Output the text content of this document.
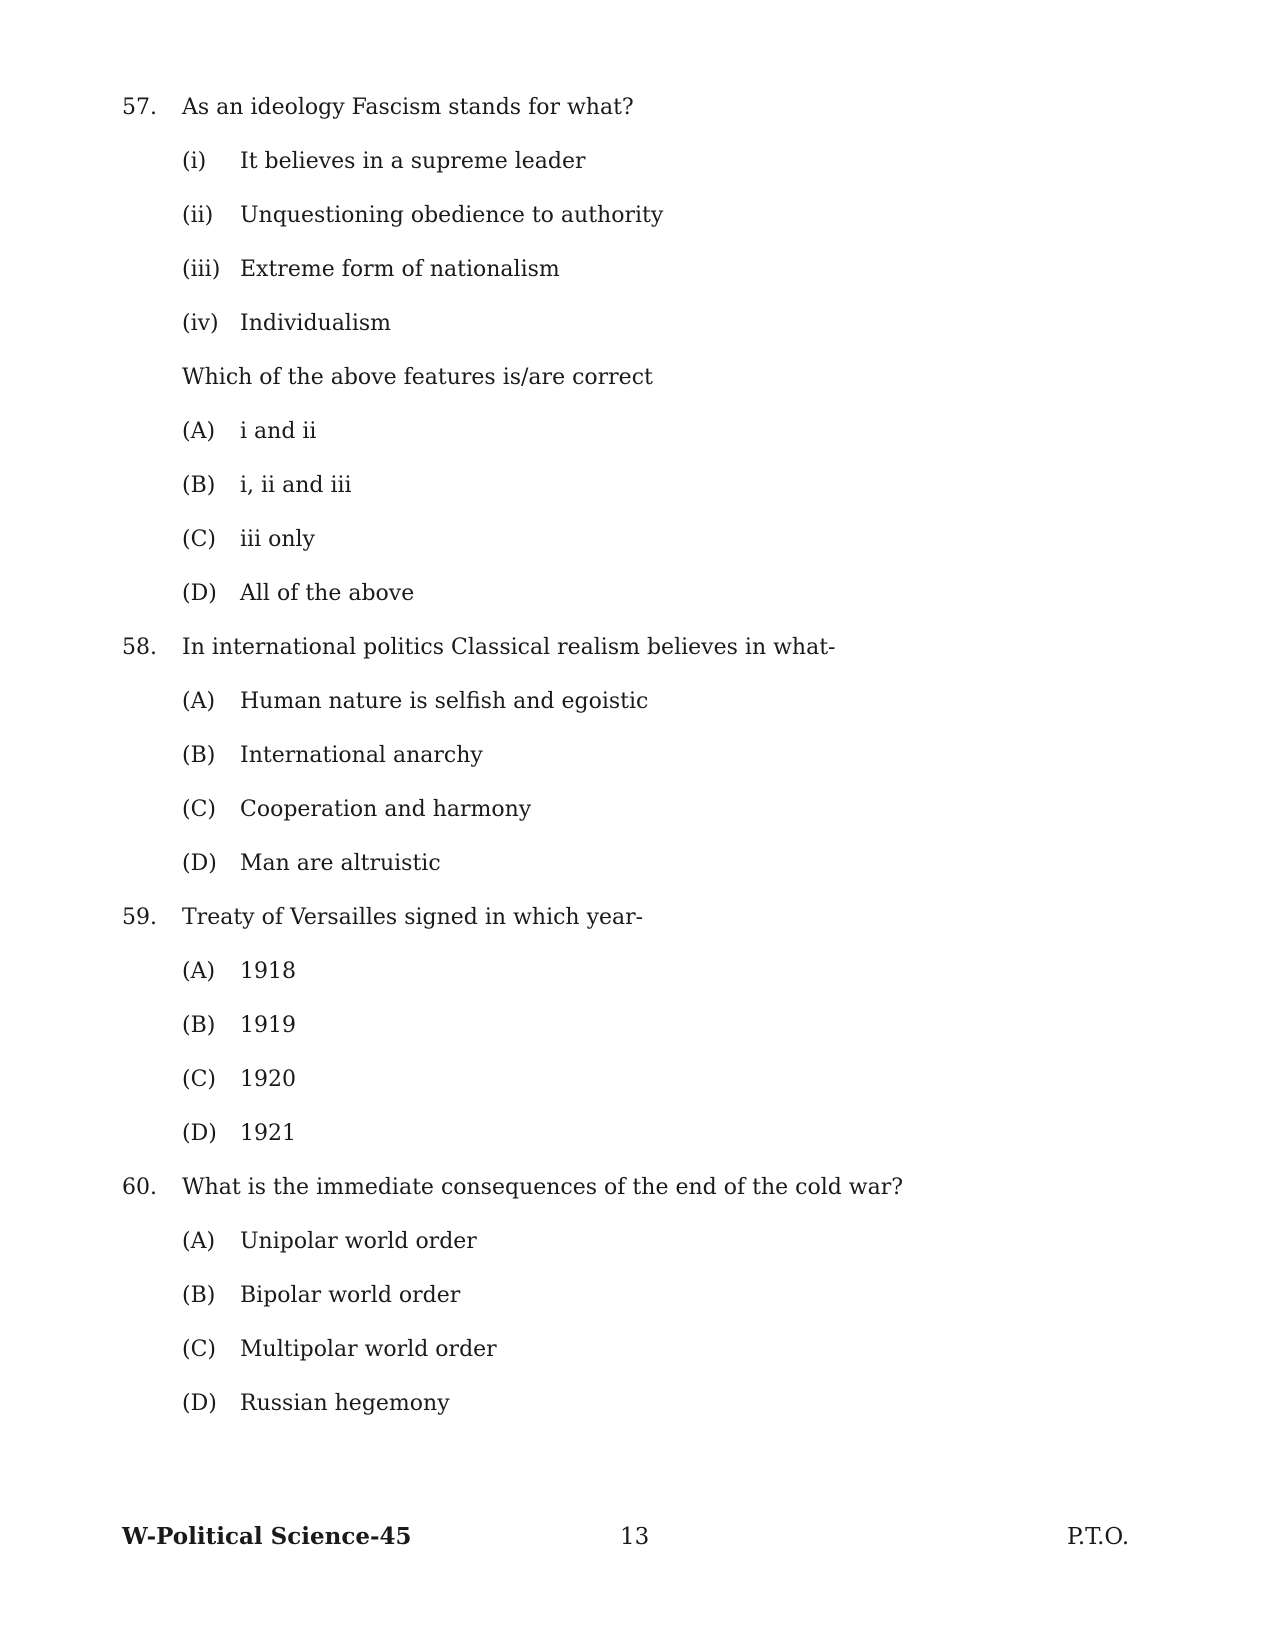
57. As an ideology Fascism stands for what?
(i) It believes in a supreme leader
(ii) Unquestioning obedience to authority
(iii) Extreme form of nationalism
(iv) Individualism
Which of the above features is/are correct
(A) i and ii
(B) i, ii and iii
(C) iii only
(D) All of the above
58. In international politics Classical realism believes in what-
(A) Human nature is selfish and egoistic
(B) International anarchy
(C) Cooperation and harmony
(D) Man are altruistic
59. Treaty of Versailles signed in which year-
(A) 1918
(B) 1919
(C) 1920
(D) 1921
60. What is the immediate consequences of the end of the cold war?
(A) Unipolar world order
(B) Bipolar world order
(C) Multipolar world order
(D) Russian hegemony
W-Political Science-45	13	P.T.O.
